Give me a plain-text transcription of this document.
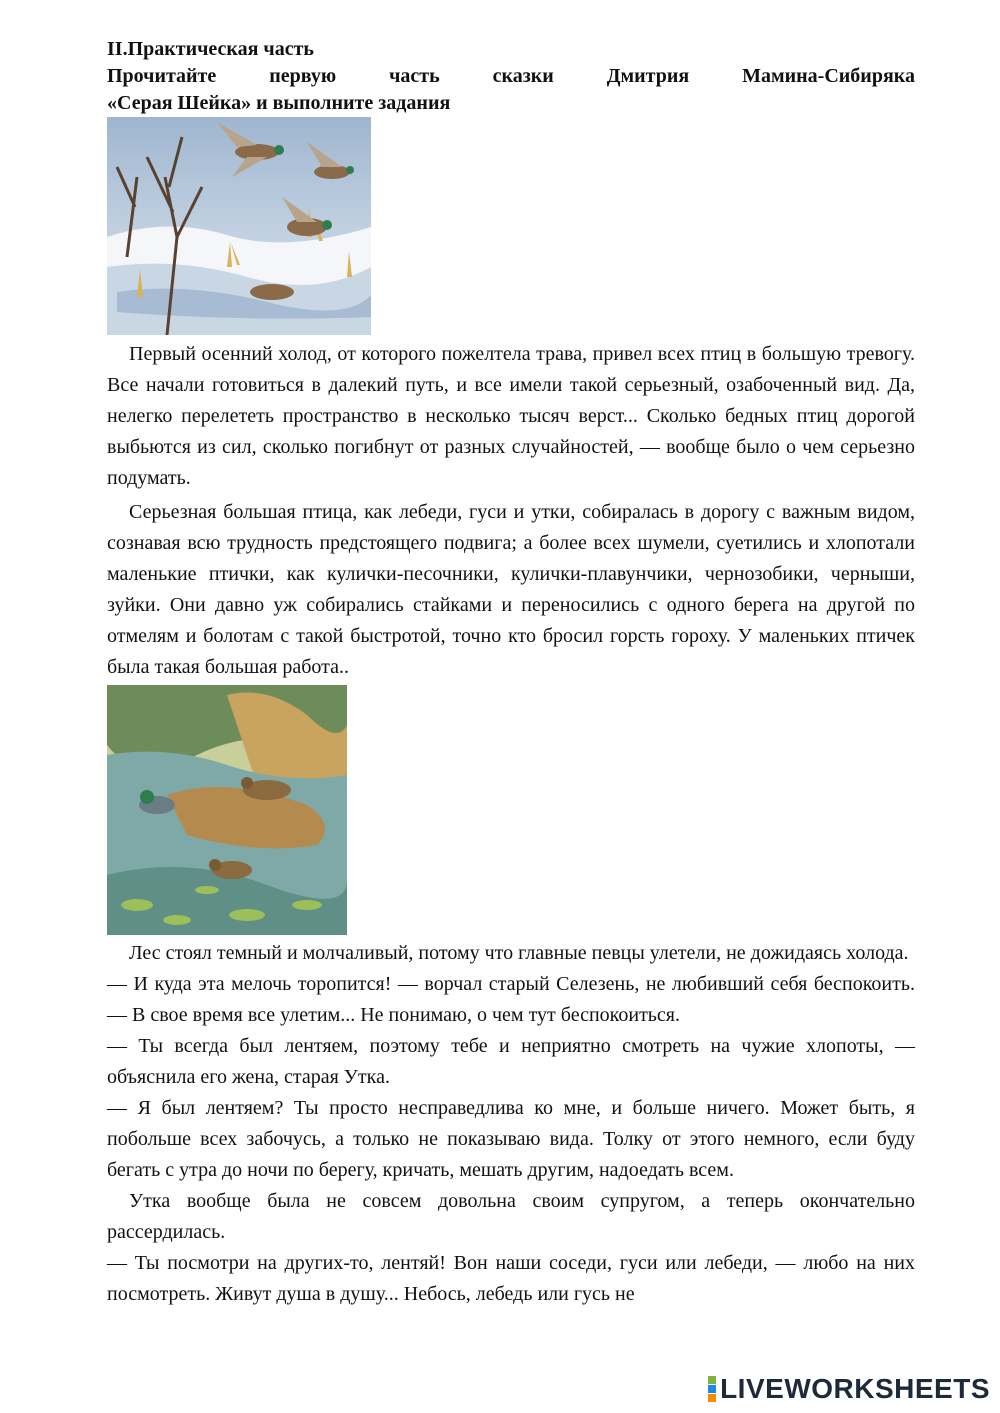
II.Практическая часть

Прочитайте первую часть сказки Дмитрия Мамина-Сибиряка

«Серая Шейка» и выполните задания

Первый осенний холод, от которого пожелтела трава, привел всех птиц в большую тревогу. Все начали готовиться в далекий путь, и все имели такой серьезный, озабоченный вид. Да, нелегко перелететь пространство в несколько тысяч верст... Сколько бедных птиц дорогой выбьются из сил, сколько погибнут от разных случайностей, — вообще было о чем серьезно подумать.

Серьезная большая птица, как лебеди, гуси и утки, собиралась в дорогу с важным видом, сознавая всю трудность предстоящего подвига; а более всех шумели, суетились и хлопотали маленькие птички, как кулички-песочники, кулички-плавунчики, чернозобики, черныши, зуйки. Они давно уж собирались стайками и переносились с одного берега на другой по отмелям и болотам с такой быстротой, точно кто бросил горсть гороху. У маленьких птичек была такая большая работа..

Лес стоял темный и молчаливый, потому что главные певцы улетели, не дожидаясь холода.

— И куда эта мелочь торопится! — ворчал старый Селезень, не любивший себя беспокоить. — В свое время все улетим... Не понимаю, о чем тут беспокоиться.

— Ты всегда был лентяем, поэтому тебе и неприятно смотреть на чужие хлопоты, — объяснила его жена, старая Утка.

— Я был лентяем? Ты просто несправедлива ко мне, и больше ничего. Может быть, я побольше всех забочусь, а только не показываю вида. Толку от этого немного, если буду бегать с утра до ночи по берегу, кричать, мешать другим, надоедать всем.

Утка вообще была не совсем довольна своим супругом, а теперь окончательно рассердилась.

— Ты посмотри на других-то, лентяй! Вон наши соседи, гуси или лебеди, — любо на них посмотреть. Живут душа в душу... Небось, лебедь или гусь не

LIVEWORKSHEETS
